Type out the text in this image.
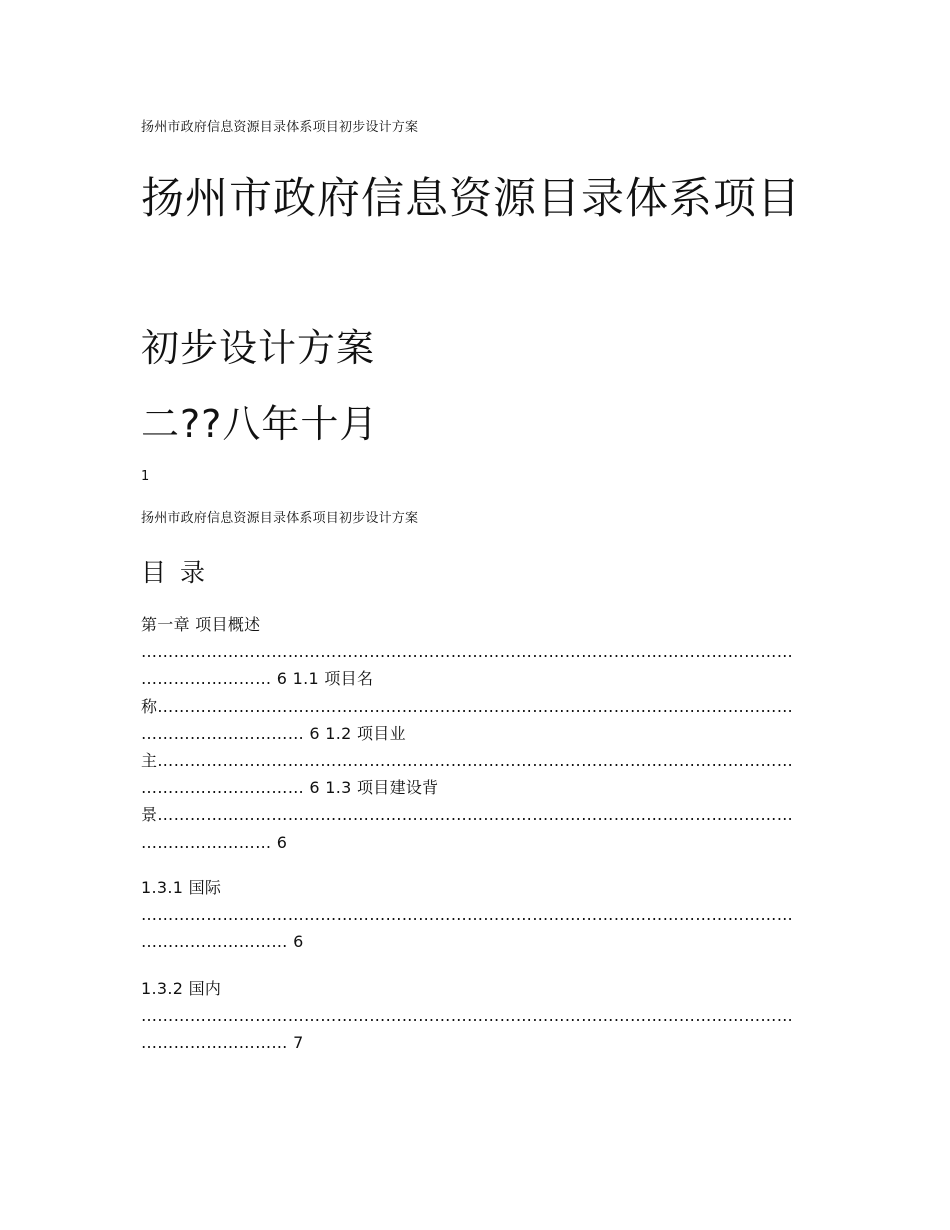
扬州市政府信息资源目录体系项目初步设计方案
扬州市政府信息资源目录体系项目
初步设计方案
二??八年十月
1
扬州市政府信息资源目录体系项目初步设计方案
目 录
第一章 项目概述 ……………………………………………………………………………………………………………………………… 6 1.1 项目名称………………………………………………………………………………………………………………………………… 6 1.2 项目业主………………………………………………………………………………………………………………………………… 6 1.3 项目建设背景…………………………………………………………………………………………………………………………… 6
1.3.1 国际 ………………………………………………………………………………………………………………………………… 6
1.3.2 国内 ………………………………………………………………………………………………………………………………… 7
